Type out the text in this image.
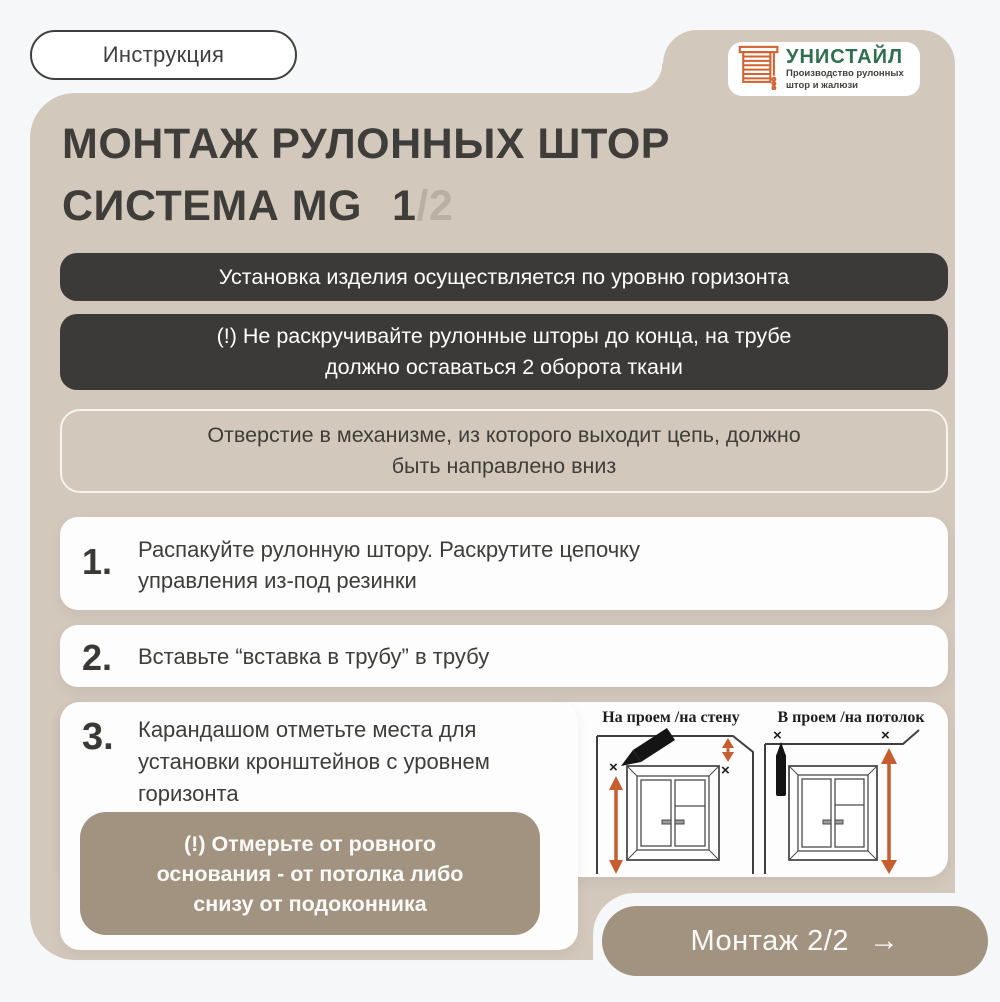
Инструкция	УНИСТАЙЛ
Производство рулонных
штор и жалюзи
МОНТАЖ РУЛОННЫХ ШТОР
СИСТЕМА MG 1/2
Установка изделия осуществляется по уровню горизонта
(!) Не раскручивайте рулонные шторы до конца, на трубе
должно оставаться 2 оборота ткани
Отверстие в механизме, из которого выходит цепь, должно
быть направлено вниз
1. Распакуйте рулонную штору. Раскрутите цепочку
управления из-под резинки
2. Вставьте “вставка в трубу” в трубу
3. Карандашом отметьте места для
установки кронштейнов с уровнем
горизонта
(!) Отмерьте от ровного
основания - от потолка либо
снизу от подоконника
На проем /на стену
×	×
В проем /на потолок
×	×
Монтаж 2/2 →
